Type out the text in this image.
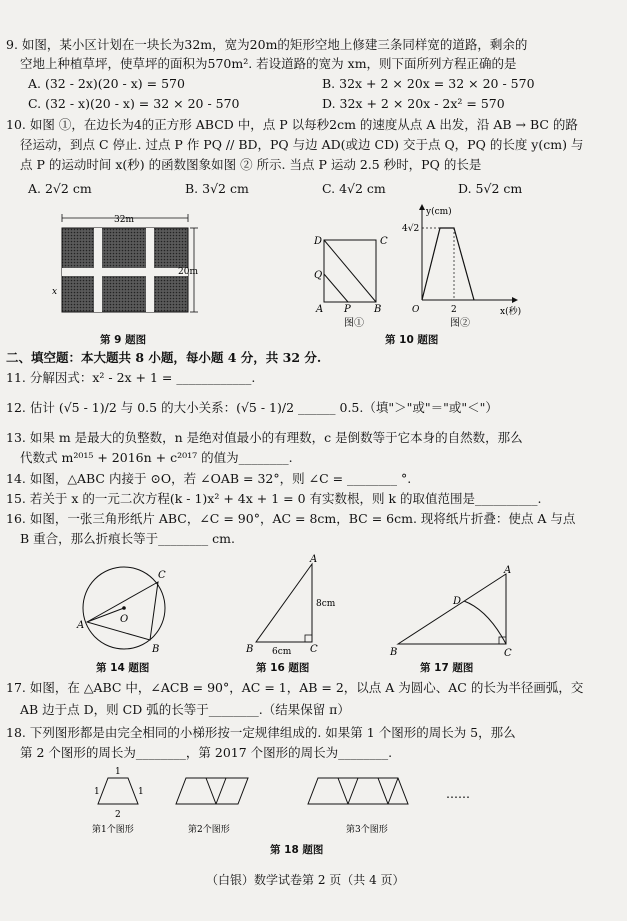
9. 如图，某小区计划在一块长为32m，宽为20m的矩形空地上修建三条同样宽的道路，剩余的
空地上种植草坪，使草坪的面积为570m². 若设道路的宽为 xm，则下面所列方程正确的是
A. (32 - 2x)(20 - x) = 570	B. 32x + 2 × 20x = 32 × 20 - 570
C. (32 - x)(20 - x) = 32 × 20 - 570	D. 32x + 2 × 20x - 2x² = 570
10. 如图 ①，在边长为4的正方形 ABCD 中，点 P 以每秒2cm 的速度从点 A 出发，沿 AB → BC 的路
径运动，到点 C 停止. 过点 P 作 PQ // BD，PQ 与边 AD(或边 CD) 交于点 Q，PQ 的长度 y(cm) 与
点 P 的运动时间 x(秒) 的函数图象如图 ② 所示. 当点 P 运动 2.5 秒时，PQ 的长是
A. 2√2 cm	B. 3√2 cm	C. 4√2 cm	D. 5√2 cm
32m
20m
x
第 9 题图
D	C
Q
A P B
图①
y(cm)
4√2
O	2	x(秒)
图②
第 10 题图
二、填空题：本大题共 8 小题，每小题 4 分，共 32 分.
11. 分解因式：x² - 2x + 1 = ____________.
12. 估计 (√5 - 1)/2 与 0.5 的大小关系：(√5 - 1)/2 ______ 0.5.（填"＞"或"＝"或"＜"）
13. 如果 m 是最大的负整数，n 是绝对值最小的有理数，c 是倒数等于它本身的自然数，那么
代数式 m²⁰¹⁵ + 2016n + c²⁰¹⁷ 的值为________.
14. 如图，△ABC 内接于 ⊙O，若 ∠OAB = 32°，则 ∠C = ________ °.
15. 若关于 x 的一元二次方程(k - 1)x² + 4x + 1 = 0 有实数根，则 k 的取值范围是__________.
16. 如图，一张三角形纸片 ABC，∠C = 90°，AC = 8cm，BC = 6cm. 现将纸片折叠：使点 A 与点
B 重合，那么折痕长等于________ cm.
O
A
C
B
第 14 题图
A
B	C
8cm
6cm
第 16 题图
A
D
B	C
第 17 题图
17. 如图，在 △ABC 中，∠ACB = 90°，AC = 1，AB = 2，以点 A 为圆心、AC 的长为半径画弧，交
AB 边于点 D，则 CD 弧的长等于________.（结果保留 π）
18. 下列图形都是由完全相同的小梯形按一定规律组成的. 如果第 1 个图形的周长为 5，那么
第 2 个图形的周长为________，第 2017 个图形的周长为________.
1
1	1
2
第1个图形	第2个图形	第3个图形
……
第 18 题图
（白银）数学试卷第 2 页（共 4 页）
